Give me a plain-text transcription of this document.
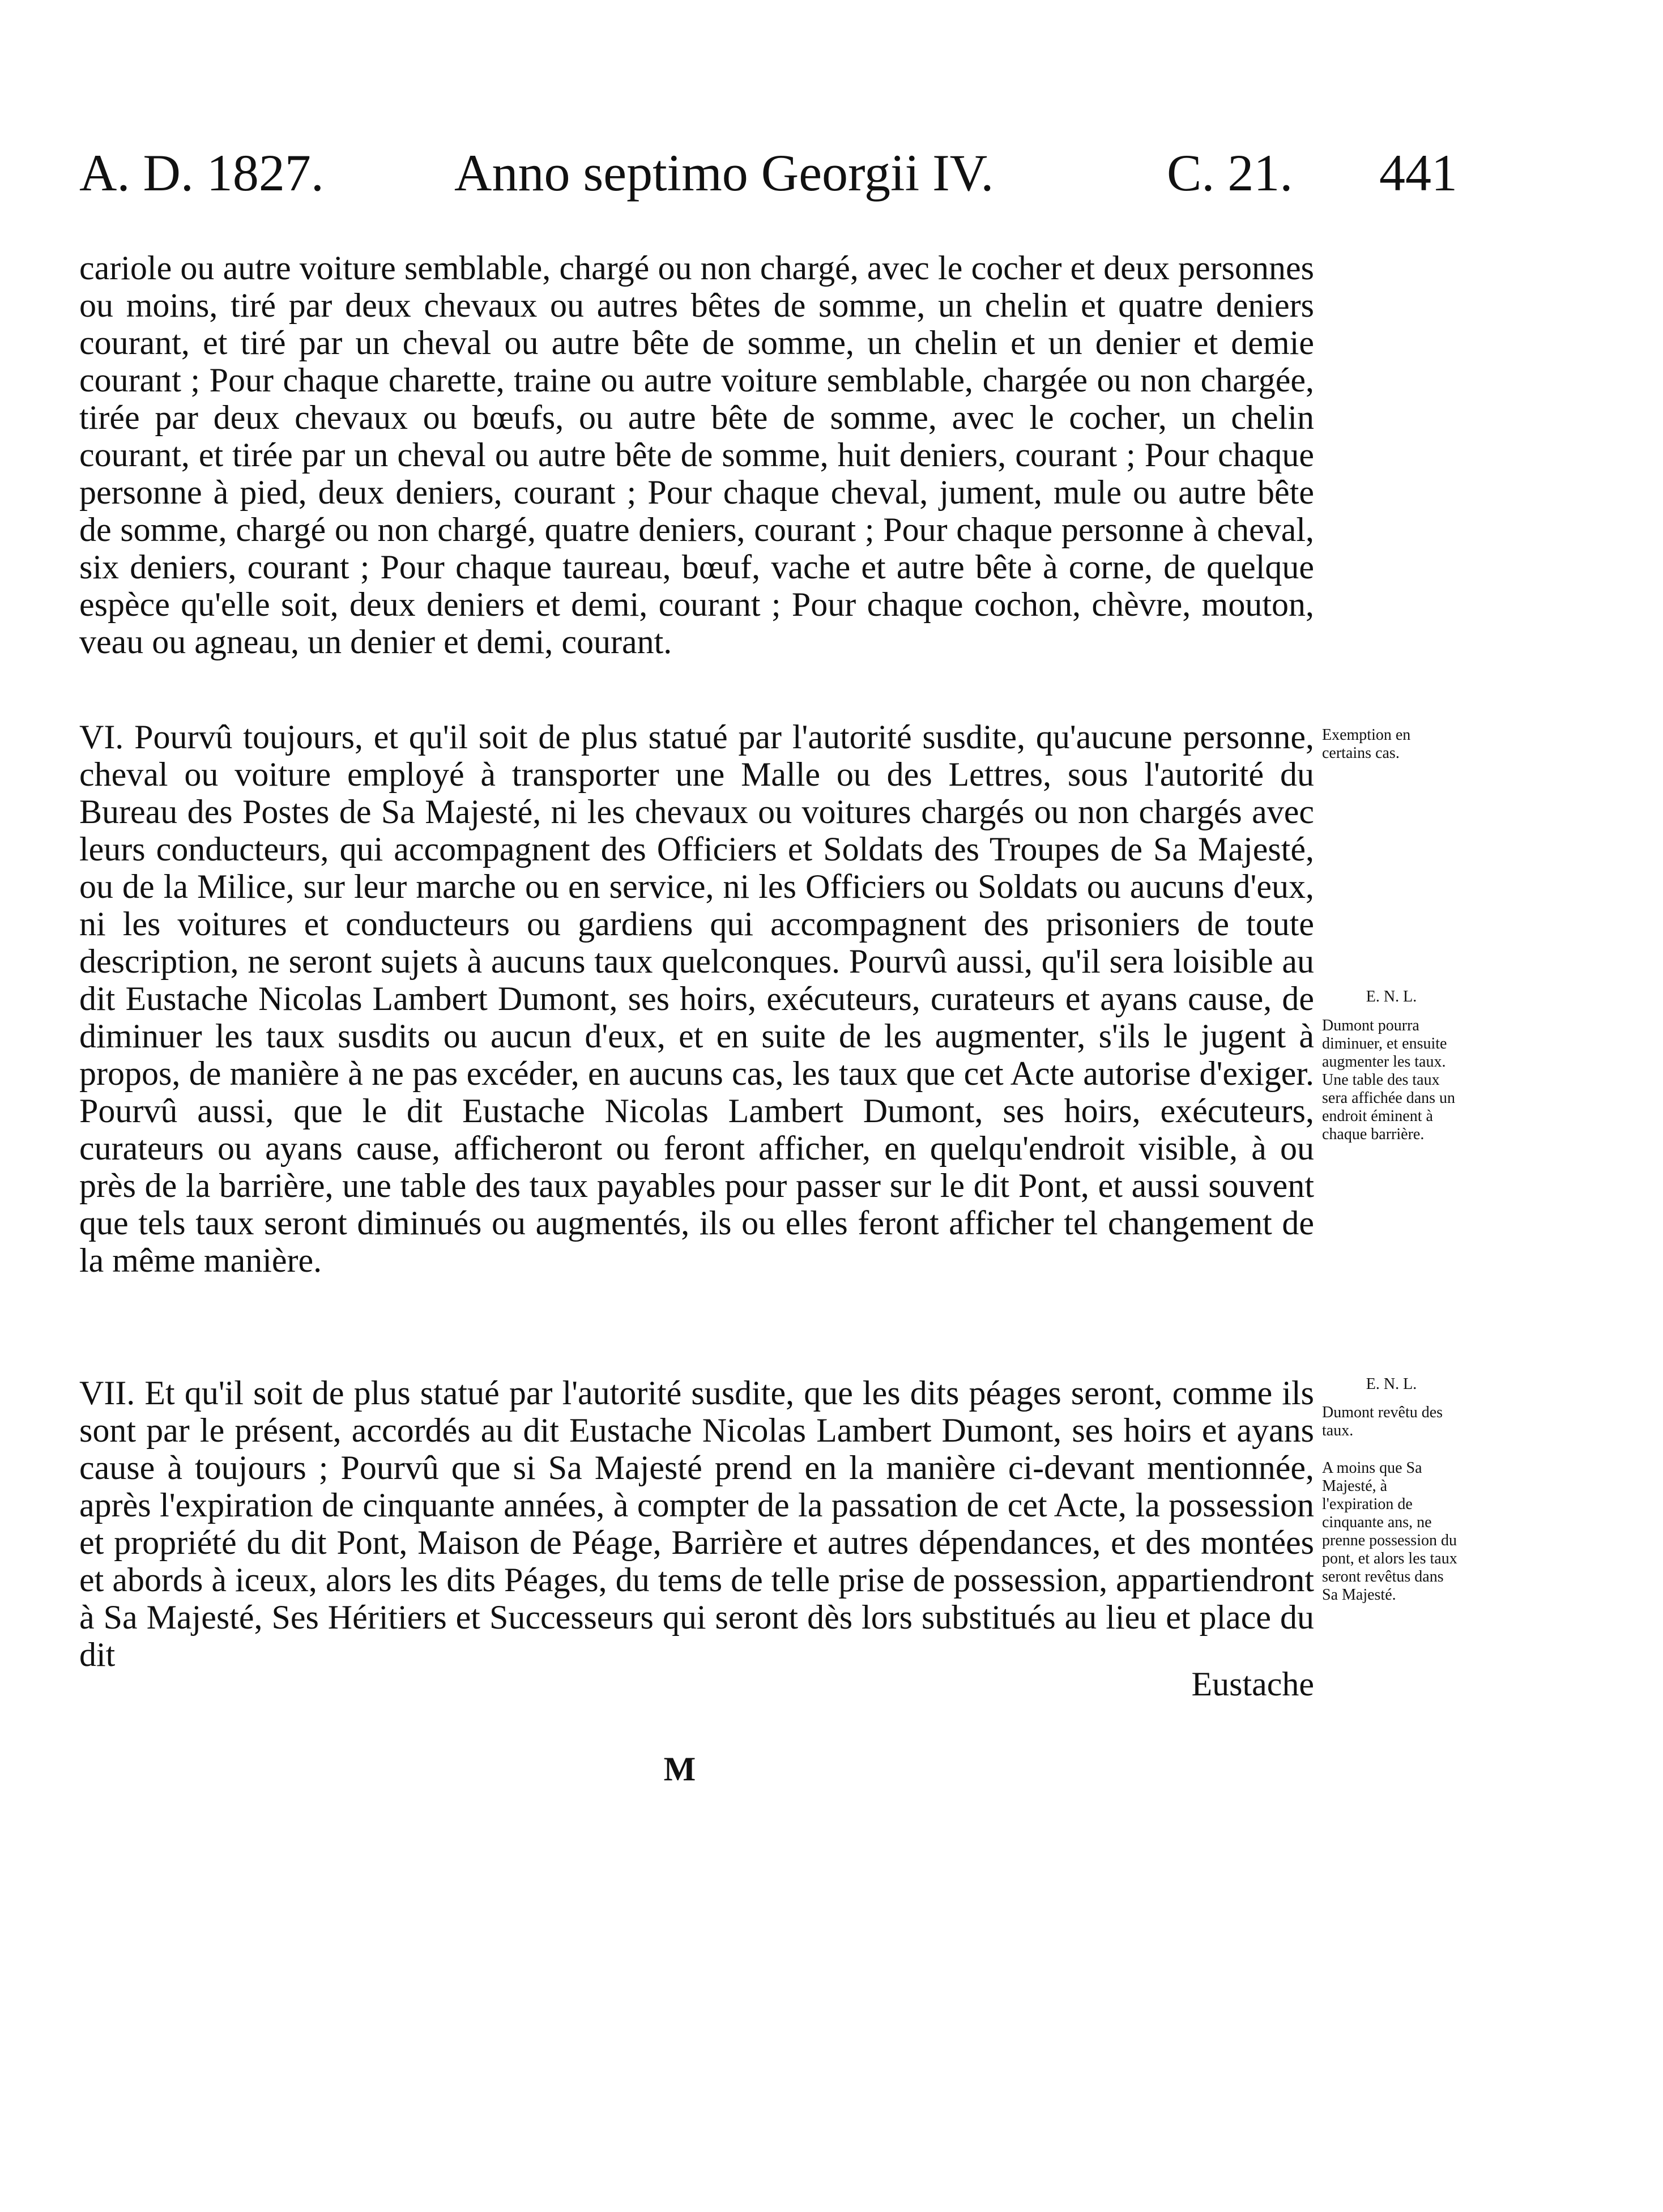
A. D. 1827.	Anno septimo Georgii IV.	C. 21. 441

cariole ou autre voiture semblable, chargé ou non chargé, avec le cocher et deux personnes ou moins, tiré par deux chevaux ou autres bêtes de somme, un chelin et quatre deniers courant, et tiré par un cheval ou autre bête de somme, un chelin et un denier et demie courant ; Pour chaque charette, traine ou autre voiture semblable, chargée ou non chargée, tirée par deux chevaux ou bœufs, ou autre bête de somme, avec le cocher, un chelin courant, et tirée par un cheval ou autre bête de somme, huit deniers, courant ; Pour chaque personne à pied, deux deniers, courant ; Pour chaque cheval, jument, mule ou autre bête de somme, chargé ou non chargé, quatre deniers, courant ; Pour chaque personne à cheval, six deniers, courant ; Pour chaque taureau, bœuf, vache et autre bête à corne, de quelque espèce qu'elle soit, deux deniers et demi, courant ; Pour chaque cochon, chèvre, mouton, veau ou agneau, un denier et demi, courant.

VI. Pourvû toujours, et qu'il soit de plus statué par l'autorité susdite, qu'aucune personne, cheval ou voiture employé à transporter une Malle ou des Lettres, sous l'autorité du Bureau des Postes de Sa Majesté, ni les chevaux ou voitures chargés ou non chargés avec leurs conducteurs, qui accompagnent des Officiers et Soldats des Troupes de Sa Majesté, ou de la Milice, sur leur marche ou en service, ni les Officiers ou Soldats ou aucuns d'eux, ni les voitures et conducteurs ou gardiens qui accompagnent des prisoniers de toute description, ne seront sujets à aucuns taux quelconques. Pourvû aussi, qu'il sera loisible au dit Eustache Nicolas Lambert Dumont, ses hoirs, exécuteurs, curateurs et ayans cause, de diminuer les taux susdits ou aucun d'eux, et en suite de les augmenter, s'ils le jugent à propos, de manière à ne pas excéder, en aucuns cas, les taux que cet Acte autorise d'exiger. Pourvû aussi, que le dit Eustache Nicolas Lambert Dumont, ses hoirs, exécuteurs, curateurs ou ayans cause, afficheront ou feront afficher, en quelqu'endroit visible, à ou près de la barrière, une table des taux payables pour passer sur le dit Pont, et aussi souvent que tels taux seront diminués ou augmentés, ils ou elles feront afficher tel changement de la même manière.

VII. Et qu'il soit de plus statué par l'autorité susdite, que les dits péages seront, comme ils sont par le présent, accordés au dit Eustache Nicolas Lambert Dumont, ses hoirs et ayans cause à toujours ; Pourvû que si Sa Majesté prend en la manière ci-devant mentionnée, après l'expiration de cinquante années, à compter de la passation de cet Acte, la possession et propriété du dit Pont, Maison de Péage, Barrière et autres dépendances, et des montées et abords à iceux, alors les dits Péages, du tems de telle prise de possession, appartiendront à Sa Majesté, Ses Héritiers et Successeurs qui seront dès lors substitués au lieu et place du dit

Exemption en certains cas.

E. N. L.

Dumont pourra diminuer, et ensuite augmenter les taux. Une table des taux sera affichée dans un endroit éminent à chaque barrière.

E. N. L.

Dumont revêtu des taux.

A moins que Sa Majesté, à l'expiration de cinquante ans, ne prenne possession du pont, et alors les taux seront revêtus dans Sa Majesté.

Eustache
M
